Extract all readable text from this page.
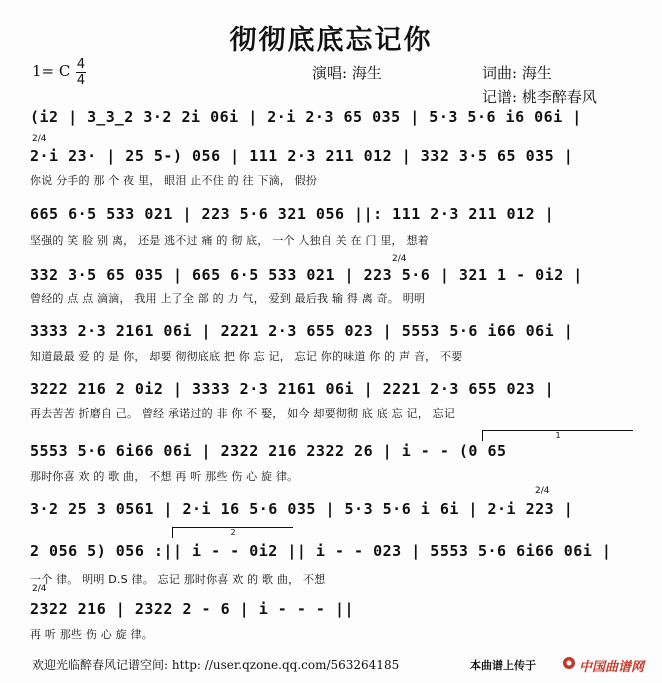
彻彻底底忘记你
1= C 4
4	演唱: 海生	词曲: 海生
记谱: 桃李醉春风
(i2 | 3̲3̲2 3·2 2i 06i | 2·i 2·3 65 035 | 5·3 5·6 i6 06i |
2/4
2·i 23· | 25 5-) 056 | 111 2·3 211 012 | 332 3·5 65 035 |
你说 分手的 那 个 夜 里， 眼泪 止不住 的 往 下滴， 假扮
665 6·5 533 021 | 223 5·6 321 056 ||: 111 2·3 211 012 |
坚强的 笑 脸 别 离， 还是 逃不过 痛 的 彻 底， 一个 人独自 关 在 门 里， 想着
2/4
332 3·5 65 035 | 665 6·5 533 021 | 223 5·6 | 321 1 - 0i2 |
曾经的 点 点 滴滴， 我用 上了全 部 的 力 气， 爱到 最后我 输 得 离 奇。 明明
3333 2·3 2161 06i | 2221 2·3 655 023 | 5553 5·6 i66 06i |
知道最最 爱 的 是 你， 却要 彻彻底底 把 你 忘 记， 忘记 你的味道 你 的 声 音， 不要
3222 216 2 0i2 | 3333 2·3 2161 06i | 2221 2·3 655 023 |
再去苦苦 折磨自 己。 曾经 承诺过的 非 你 不 娶， 如今 却要彻彻 底 底 忘 记， 忘记
1
5553 5·6 6i66 06i | 2322 216 2322 26 | i - - (0 65
那时你喜 欢 的 歌 曲， 不想 再 听 那些 伤 心 旋 律。
2/4
3·2 25 3 0561 | 2·i 16 5·6 035 | 5·3 5·6 i 6i | 2·i 223 |
2
2 056 5) 056 :|| i - - 0i2 || i - - 023 | 5553 5·6 6i66 06i |
一个 律。 明明 D.S 律。 忘记 那时你喜 欢 的 歌 曲， 不想
2/4
2322 216 | 2322 2 - 6 | i - - - ||
再 听 那些 伤 心 旋 律。
欢迎光临醉春风记谱空间: http: //user.qzone.qq.com/563264185	本曲谱上传于	中国曲谱网
